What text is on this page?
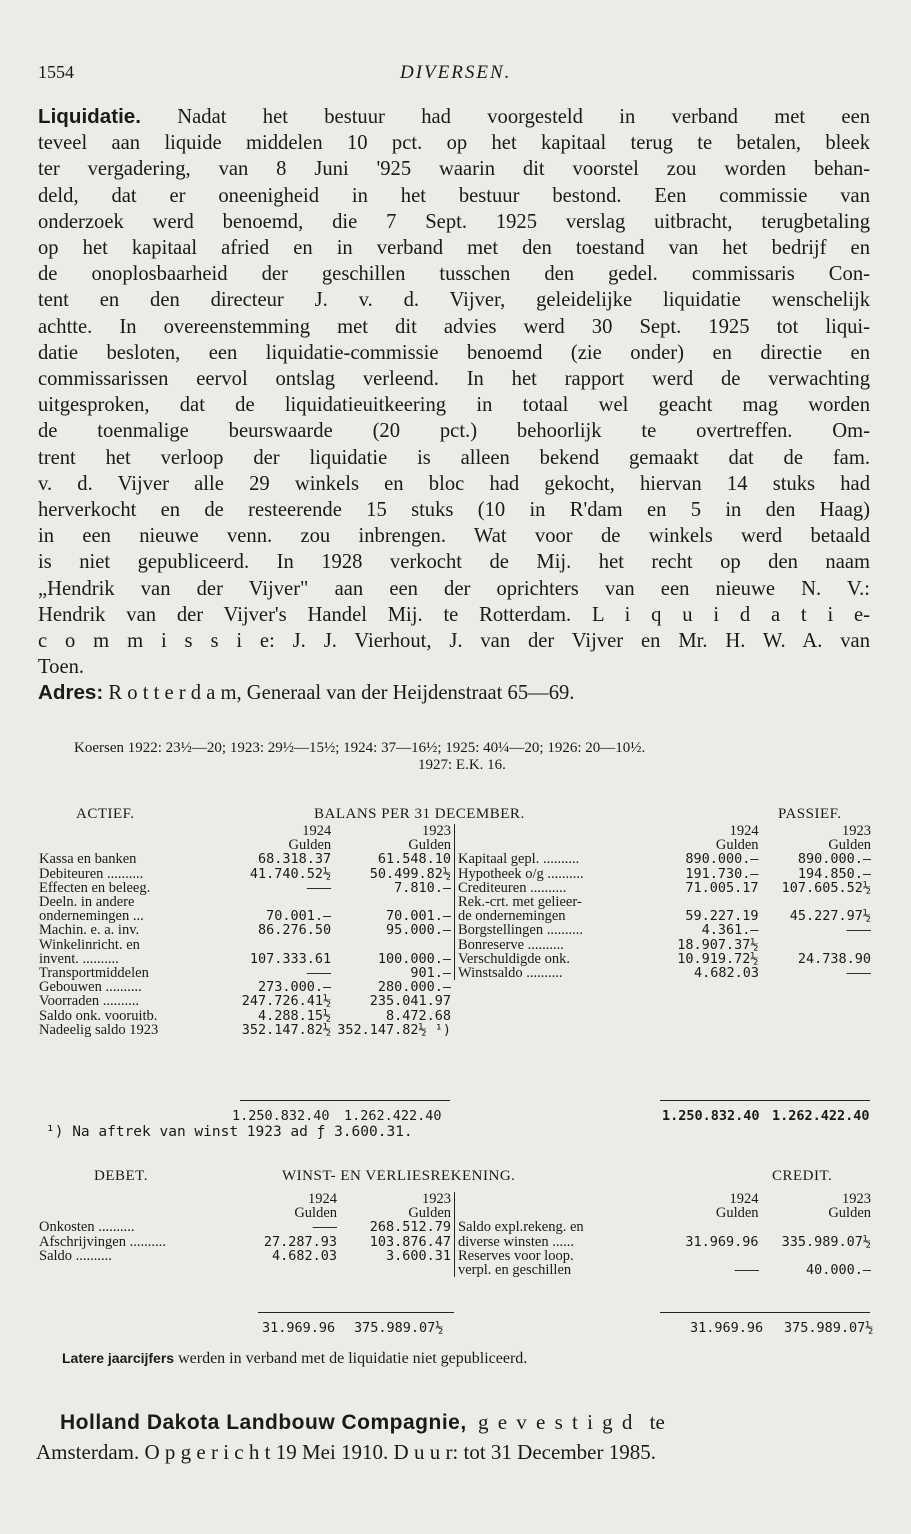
1554	DIVERSEN.
Liquidatie. Nadat het bestuur had voorgesteld in verband met een
teveel aan liquide middelen 10 pct. op het kapitaal terug te betalen, bleek
ter vergadering, van 8 Juni '925 waarin dit voorstel zou worden behan-
deld, dat er oneenigheid in het bestuur bestond. Een commissie van
onderzoek werd benoemd, die 7 Sept. 1925 verslag uitbracht, terugbetaling
op het kapitaal afried en in verband met den toestand van het bedrijf en
de onoplosbaarheid der geschillen tusschen den gedel. commissaris Con-
tent en den directeur J. v. d. Vijver, geleidelijke liquidatie wenschelijk
achtte. In overeenstemming met dit advies werd 30 Sept. 1925 tot liqui-
datie besloten, een liquidatie-commissie benoemd (zie onder) en directie en
commissarissen eervol ontslag verleend. In het rapport werd de verwachting
uitgesproken, dat de liquidatieuitkeering in totaal wel geacht mag worden
de toenmalige beurswaarde (20 pct.) behoorlijk te overtreffen. Om-
trent het verloop der liquidatie is alleen bekend gemaakt dat de fam.
v. d. Vijver alle 29 winkels en bloc had gekocht, hiervan 14 stuks had
herverkocht en de resteerende 15 stuks (10 in R'dam en 5 in den Haag)
in een nieuwe venn. zou inbrengen. Wat voor de winkels werd betaald
is niet gepubliceerd. In 1928 verkocht de Mij. het recht op den naam
„Hendrik van der Vijver" aan een der oprichters van een nieuwe N. V.:
Hendrik van der Vijver's Handel Mij. te Rotterdam. L i q u i d a t i e-
c o m m i s s i e: J. J. Vierhout, J. van der Vijver en Mr. H. W. A. van
Toen.
Adres: R o t t e r d a m, Generaal van der Heijdenstraat 65—69.
Koersen 1922: 23½—20; 1923: 29½—15½; 1924: 37—16½; 1925: 40¼—20; 1926: 20—10½.
1927: E.K. 16.
ACTIEF.	BALANS PER 31 DECEMBER.	PASSIEF.
	1924	1923
	Gulden	Gulden
Kassa en banken	68.318.37	61.548.10
Debiteuren ..........	41.740.52½	50.499.82½
Effecten en beleeg.	———	7.810.—
Deeln. in andere		
ondernemingen ...	70.001.—	70.001.—
Machin. e. a. inv.	86.276.50	95.000.—
Winkelinricht. en		
invent. ..........	107.333.61	100.000.—
Transportmiddelen	———	901.—
Gebouwen ..........	273.000.—	280.000.—
Voorraden ..........	247.726.41½	235.041.97
Saldo onk. vooruitb.	4.288.15½	8.472.68
Nadeelig saldo 1923	352.147.82½	352.147.82½ ¹)
	1924	1923
	Gulden	Gulden
Kapitaal gepl. ..........	890.000.—	890.000.—
Hypotheek o/g ..........	191.730.—	194.850.—
Crediteuren ..........	71.005.17	107.605.52½
Rek.-crt. met gelieer-		
de ondernemingen	59.227.19	45.227.97½
Borgstellingen ..........	4.361.—	———
Bonreserve ..........	18.907.37½	
Verschuldigde onk.	10.919.72½	24.738.90
Winstsaldo ..........	4.682.03	———
1.250.832.40 1.262.422.40	1.250.832.40 1.262.422.40
¹) Na aftrek van winst 1923 ad ƒ 3.600.31.
DEBET.	WINST- EN VERLIESREKENING.	CREDIT.
	1924	1923
	Gulden	Gulden
Onkosten ..........	———	268.512.79
Afschrijvingen ..........	27.287.93	103.876.47
Saldo ..........	4.682.03	3.600.31
	1924	1923
	Gulden	Gulden
Saldo expl.rekeng. en		
diverse winsten ......	31.969.96	335.989.07½
Reserves voor loop.		
verpl. en geschillen	———	40.000.—
31.969.96 375.989.07½	31.969.96 375.989.07½
Latere jaarcijfers werden in verband met de liquidatie niet gepubliceerd.
Holland Dakota Landbouw Compagnie, g e v e s t i g d te
Amsterdam. O p g e r i c h t 19 Mei 1910. D u u r: tot 31 December 1985.
